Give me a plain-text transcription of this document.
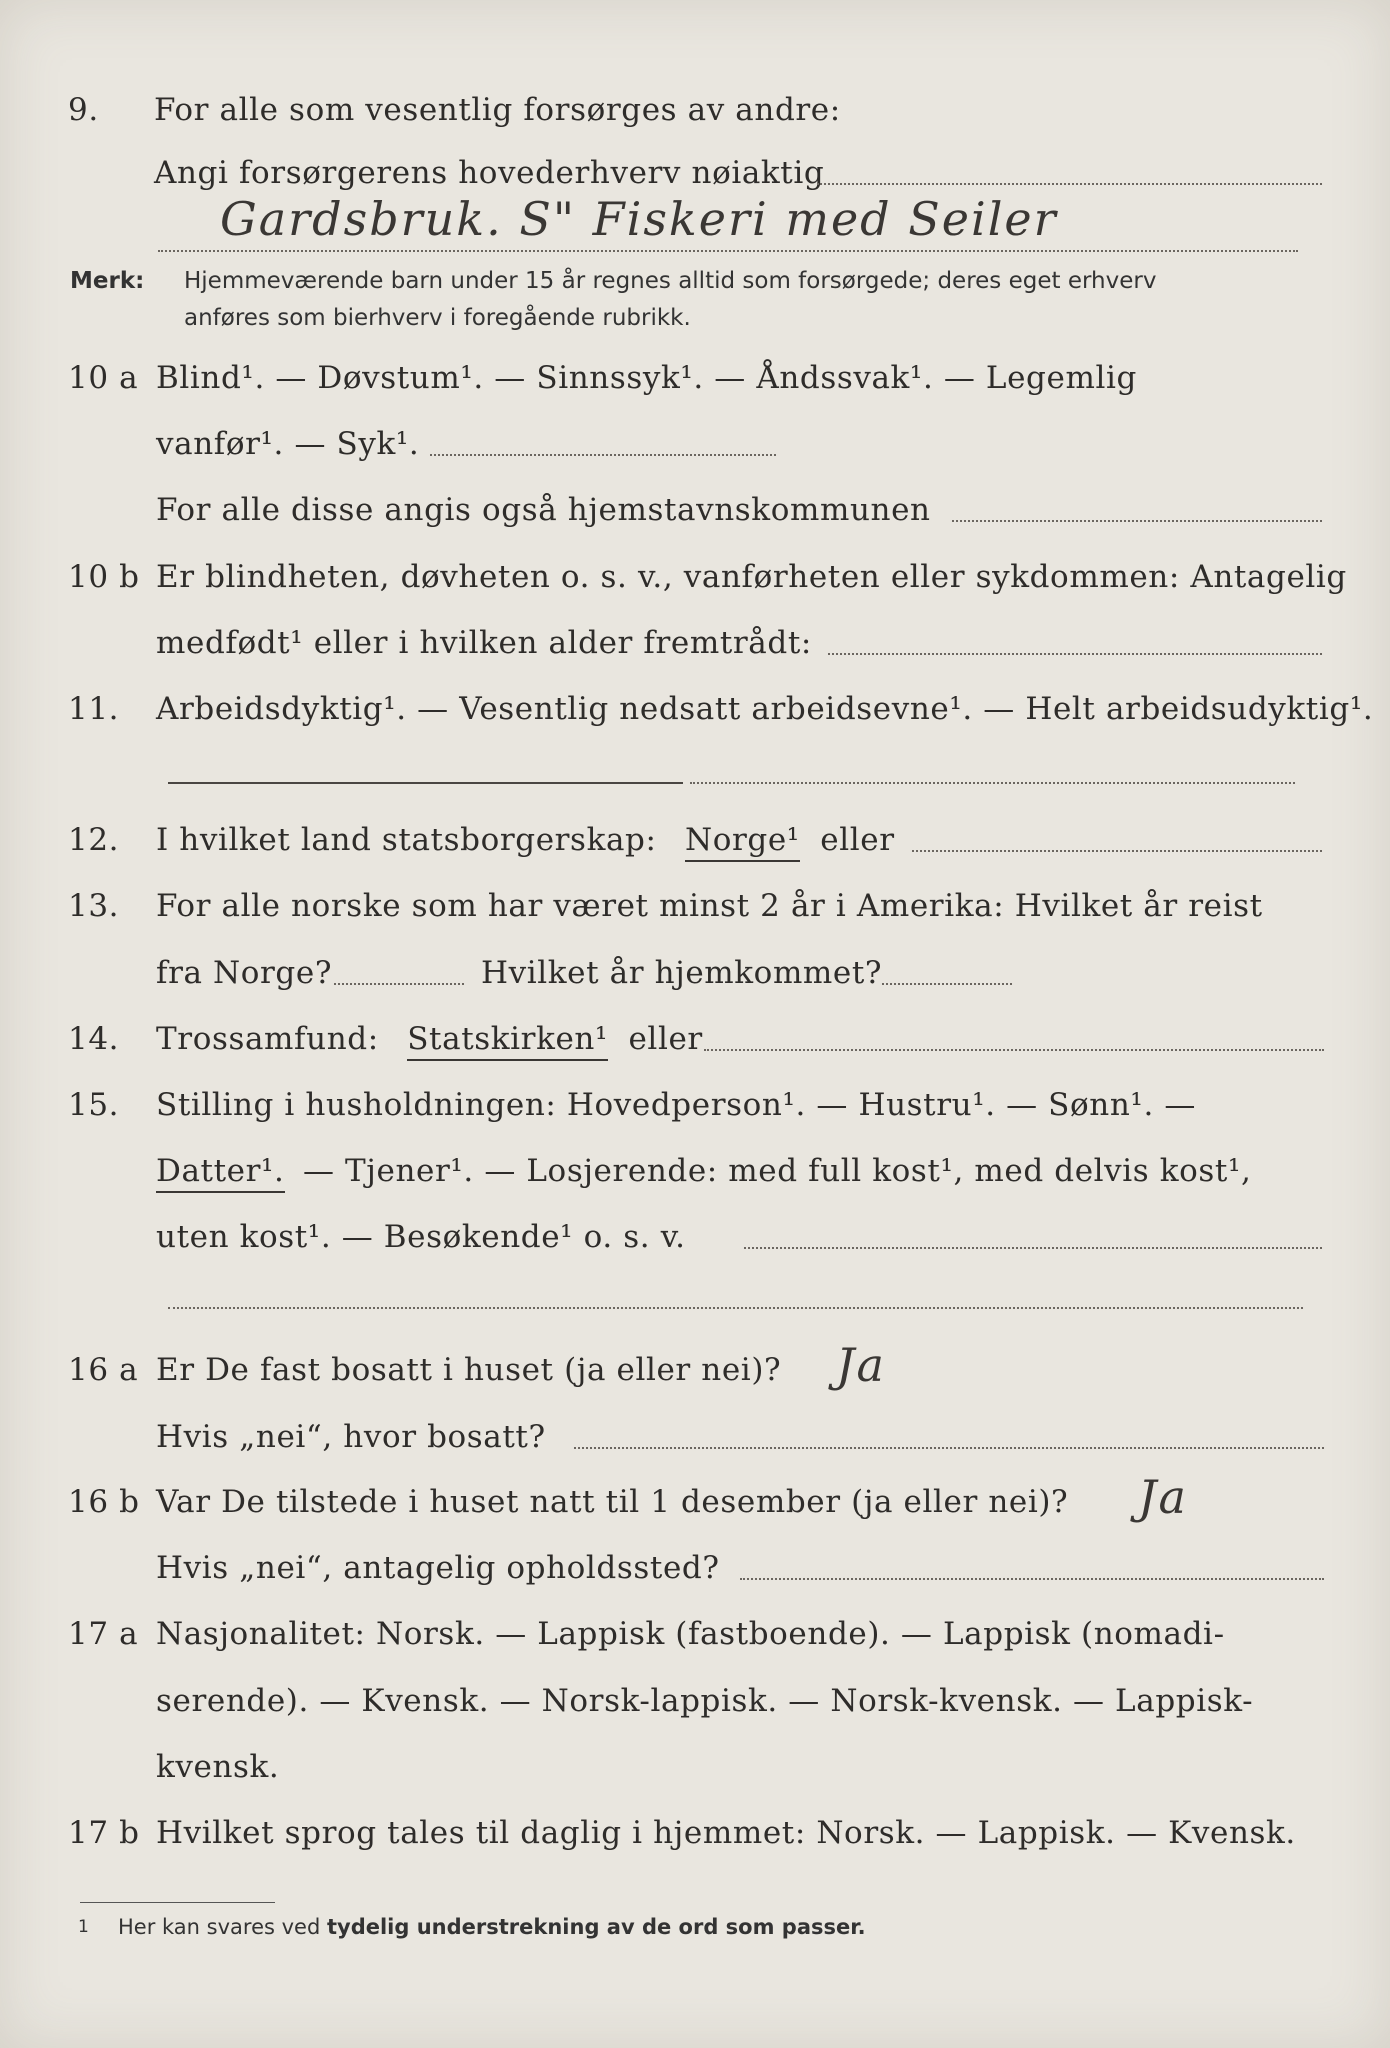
9. For alle som vesentlig forsørges av andre:
Angi forsørgerens hovederhverv nøiaktig
Gardsbruk. S" Fiskeri med Seiler
Merk: Hjemmeværende barn under 15 år regnes alltid som forsørgede; deres eget erhverv
anføres som bierhverv i foregående rubrikk.
10 a Blind¹. — Døvstum¹. — Sinnssyk¹. — Åndssvak¹. — Legemlig
vanfør¹. — Syk¹.
For alle disse angis også hjemstavnskommunen
10 b Er blindheten, døvheten o. s. v., vanførheten eller sykdommen: Antagelig
medfødt¹ eller i hvilken alder fremtrådt:
11. Arbeidsdyktig¹. — Vesentlig nedsatt arbeidsevne¹. — Helt arbeidsudyktig¹.
12. I hvilket land statsborgerskap: Norge¹ eller
13. For alle norske som har været minst 2 år i Amerika: Hvilket år reist
fra Norge?	Hvilket år hjemkommet?
14. Trossamfund: Statskirken¹ eller
15. Stilling i husholdningen: Hovedperson¹. — Hustru¹. — Sønn¹. —
Datter¹. — Tjener¹. — Losjerende: med full kost¹, med delvis kost¹,
uten kost¹. — Besøkende¹ o. s. v.
16 a Er De fast bosatt i huset (ja eller nei)? Ja
Hvis „nei“, hvor bosatt?
16 b Var De tilstede i huset natt til 1 desember (ja eller nei)? Ja
Hvis „nei“, antagelig opholdssted?
17 a Nasjonalitet: Norsk. — Lappisk (fastboende). — Lappisk (nomadi-
serende). — Kvensk. — Norsk-lappisk. — Norsk-kvensk. — Lappisk-
kvensk.
17 b Hvilket sprog tales til daglig i hjemmet: Norsk. — Lappisk. — Kvensk.
1 Her kan svares ved tydelig understrekning av de ord som passer.
